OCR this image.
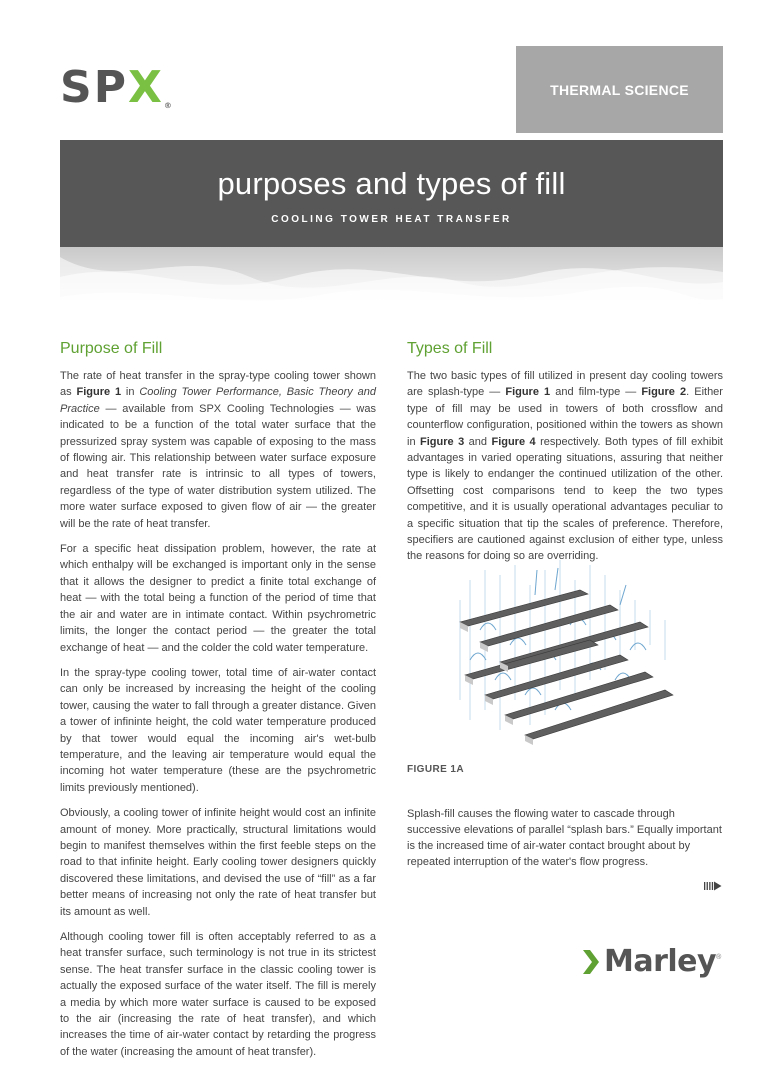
SPX®
THERMAL SCIENCE
purposes and types of fill
COOLING TOWER HEAT TRANSFER
Purpose of Fill

The rate of heat transfer in the spray-type cooling tower shown as Figure 1 in Cooling Tower Performance, Basic Theory and Practice — available from SPX Cooling Technologies — was indicated to be a function of the total water surface that the pressurized spray system was capable of exposing to the mass of flowing air. This relationship between water surface exposure and heat transfer rate is intrinsic to all types of towers, regardless of the type of water distribution system utilized. The more water surface exposed to given flow of air — the greater will be the rate of heat transfer.

For a specific heat dissipation problem, however, the rate at which enthalpy will be exchanged is important only in the sense that it allows the designer to predict a finite total exchange of heat — with the total being a function of the period of time that the air and water are in intimate contact. Within psychrometric limits, the longer the contact period — the greater the total exchange of heat — and the colder the cold water temperature.

In the spray-type cooling tower, total time of air-water contact can only be increased by increasing the height of the cooling tower, causing the water to fall through a greater distance. Given a tower of infininte height, the cold water temperature produced by that tower would equal the incoming air's wet-bulb temperature, and the leaving air temperature would equal the incoming hot water temperature (these are the psychrometric limits previously mentioned).

Obviously, a cooling tower of infinite height would cost an infinite amount of money. More practically, structural limitations would begin to manifest themselves within the first feeble steps on the road to that infinite height. Early cooling tower designers quickly discovered these limitations, and devised the use of “fill” as a far better means of increasing not only the rate of heat transfer but its amount as well.

Although cooling tower fill is often acceptably referred to as a heat transfer surface, such terminology is not true in its strictest sense. The heat transfer surface in the classic cooling tower is actually the exposed surface of the water itself. The fill is merely a media by which more water surface is caused to be exposed to the air (increasing the rate of heat transfer), and which increases the time of air-water contact by retarding the progress of the water (increasing the amount of heat transfer).

Types of Fill

The two basic types of fill utilized in present day cooling towers are splash-type — Figure 1 and film-type — Figure 2. Either type of fill may be used in towers of both crossflow and counterflow configuration, positioned within the towers as shown in Figure 3 and Figure 4 respectively. Both types of fill exhibit advantages in varied operating situations, assuring that neither type is likely to endanger the continued utilization of the other. Offsetting cost comparisons tend to keep the two types competitive, and it is usually operational advantages peculiar to a specific situation that tip the scales of preference. Therefore, specifiers are cautioned against exclusion of either type, unless the reasons for doing so are overriding.

FIGURE 1A

Splash-fill causes the flowing water to cascade through successive elevations of parallel “splash bars.” Equally important is the increased time of air-water contact brought about by repeated interruption of the water's flow progress.

Marley ®
